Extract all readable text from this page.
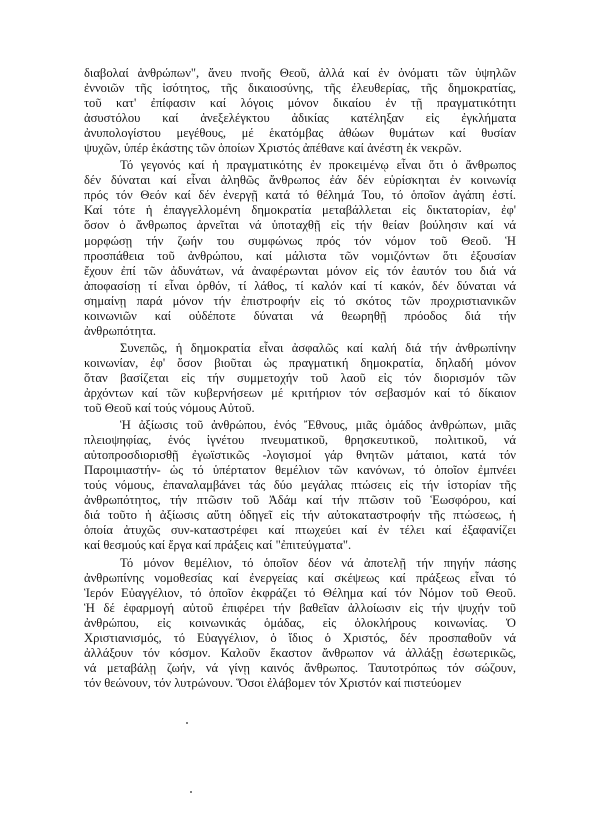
διαβολαί ἀνθρώπων", ἄνευ πνοῆς Θεοῦ, ἀλλά καί ἐν ὀνόματι τῶν ὑψηλῶν
ἐννοιῶν τῆς ἰσότητος, τῆς δικαιοσύνης, τῆς ἐλευθερίας, τῆς δημοκρατίας,
τοῦ κατ' ἐπίφασιν καί λόγοις μόνον δικαίου ἐν τῇ πραγματικότητι
ἀσυστόλου καί ἀνεξελέγκτου ἀδικίας κατέληξαν εἰς ἐγκλήματα
ἀνυπολογίστου μεγέθους, μέ ἑκατόμβας ἀθώων θυμάτων καί θυσίαν
ψυχῶν, ὑπέρ ἑκάστης τῶν ὁποίων Χριστός ἀπέθανε καί ἀνέστη ἐκ νεκρῶν.
Τό γεγονός καί ἡ πραγματικότης ἐν προκειμένῳ εἶναι ὅτι ὁ ἄνθρωπος
δέν δύναται καί εἶναι ἀληθῶς ἄνθρωπος ἐάν δέν εὑρίσκηται ἐν κοινωνίᾳ
πρός τόν Θεόν καί δέν ἐνεργῇ κατά τό θέλημά Του, τό ὁποῖον ἀγάπη ἐστί.
Καί τότε ἡ ἐπαγγελλομένη δημοκρατία μεταβάλλεται εἰς δικτατορίαν, ἐφ'
ὅσον ὁ ἄνθρωπος ἀρνεῖται νά ὑποταχθῇ εἰς τήν θείαν βούλησιν καί νά
μορφώσῃ τήν ζωήν του συμφώνως πρός τόν νόμον τοῦ Θεοῦ. Ἡ
προσπάθεια τοῦ ἀνθρώπου, καί μάλιστα τῶν νομιζόντων ὅτι ἐξουσίαν
ἔχουν ἐπί τῶν ἀδυνάτων, νά ἀναφέρωνται μόνον εἰς τόν ἑαυτόν του διά νά
ἀποφασίσῃ τί εἶναι ὀρθόν, τί λάθος, τί καλόν καί τί κακόν, δέν δύναται νά
σημαίνῃ παρά μόνον τήν ἐπιστροφήν εἰς τό σκότος τῶν προχριστιανικῶν
κοινωνιῶν καί οὐδέποτε δύναται νά θεωρηθῇ πρόοδος διά τήν
ἀνθρωπότητα.
Συνεπῶς, ἡ δημοκρατία εἶναι ἀσφαλῶς καί καλή διά τήν ἀνθρωπίνην
κοινωνίαν, ἐφ' ὅσον βιοῦται ὡς πραγματική δημοκρατία, δηλαδή μόνον
ὅταν βασίζεται εἰς τήν συμμετοχήν τοῦ λαοῦ εἰς τόν διορισμόν τῶν
ἀρχόντων καί τῶν κυβερνήσεων μέ κριτήριον τόν σεβασμόν καί τό δίκαιον
τοῦ Θεοῦ καί τούς νόμους Αὐτοῦ.
Ἡ ἀξίωσις τοῦ ἀνθρώπου, ἑνός Ἔθνους, μιᾶς ὁμάδος ἀνθρώπων, μιᾶς
πλειοψηφίας, ἑνός ἰγνέτου πνευματικοῦ, θρησκευτικοῦ, πολιτικοῦ, νά
αὐτοπροσδιορισθῇ ἐγωϊστικῶς -λογισμοί γάρ θνητῶν μάταιοι, κατά τόν
Παροιμιαστήν- ὡς τό ὑπέρτατον θεμέλιον τῶν κανόνων, τό ὁποῖον ἐμπνέει
τούς νόμους, ἐπαναλαμβάνει τάς δύο μεγάλας πτώσεις εἰς τήν ἱστορίαν τῆς
ἀνθρωπότητος, τήν πτῶσιν τοῦ Ἀδάμ καί τήν πτῶσιν τοῦ Ἑωσφόρου, καί
διά τοῦτο ἡ ἀξίωσις αὕτη ὁδηγεῖ εἰς τήν αὐτοκαταστροφήν τῆς πτώσεως, ἡ
ὁποία ἀτυχῶς συν-καταστρέφει καί πτωχεύει καί ἐν τέλει καί ἐξαφανίζει
καί θεσμούς καί ἔργα καί πράξεις καί "ἐπιτεύγματα".
Τό μόνον θεμέλιον, τό ὁποῖον δέον νά ἀποτελῇ τήν πηγήν πάσης
ἀνθρωπίνης νομοθεσίας καί ἐνεργείας καί σκέψεως καί πράξεως εἶναι τό
Ἱερόν Εὐαγγέλιον, τό ὁποῖον ἐκφράζει τό Θέλημα καί τόν Νόμον τοῦ Θεοῦ.
Ἡ δέ ἐφαρμογή αὐτοῦ ἐπιφέρει τήν βαθεῖαν ἀλλοίωσιν εἰς τήν ψυχήν τοῦ
ἀνθρώπου, εἰς κοινωνικάς ὁμάδας, εἰς ὁλοκλήρους κοινωνίας. Ὁ
Χριστιανισμός, τό Εὐαγγέλιον, ὁ ἴδιος ὁ Χριστός, δέν προσπαθοῦν νά
ἀλλάξουν τόν κόσμον. Καλοῦν ἕκαστον ἄνθρωπον νά ἀλλάξῃ ἐσωτερικῶς,
νά μεταβάλῃ ζωήν, νά γίνῃ καινός ἄνθρωπος. Ταυτοτρόπως τόν σώζουν,
τόν θεώνουν, τόν λυτρώνουν. Ὅσοι ἐλάβομεν τόν Χριστόν καί πιστεύομεν
